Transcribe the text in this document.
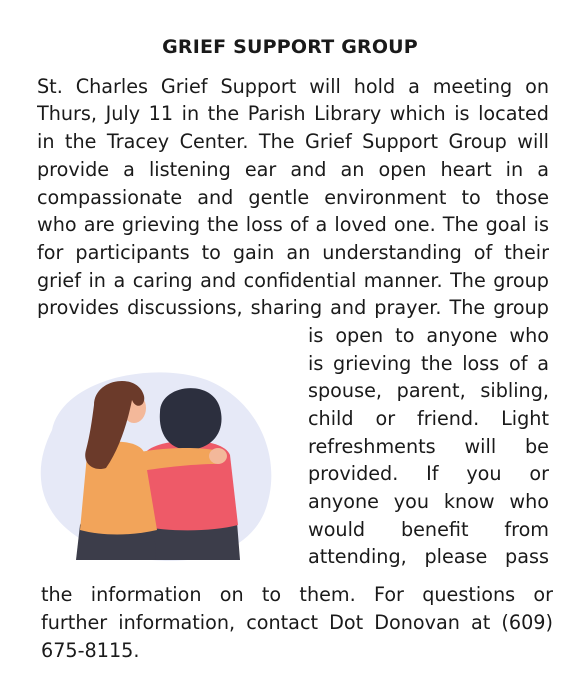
GRIEF SUPPORT GROUP
St. Charles Grief Support will hold a meeting on
Thurs, July 11 in the Parish Library which is located
in the Tracey Center. The Grief Support Group will
provide a listening ear and an open heart in a
compassionate and gentle environment to those
who are grieving the loss of a loved one. The goal is
for participants to gain an understanding of their
grief in a caring and confidential manner. The group
provides discussions, sharing and prayer. The group
is open to anyone who
is grieving the loss of a
spouse, parent, sibling,
child or friend. Light
refreshments will be
provided. If you or
anyone you know who
would benefit from
attending, please pass
the information on to them. For questions or
further information, contact Dot Donovan at (609)
675-8115.
